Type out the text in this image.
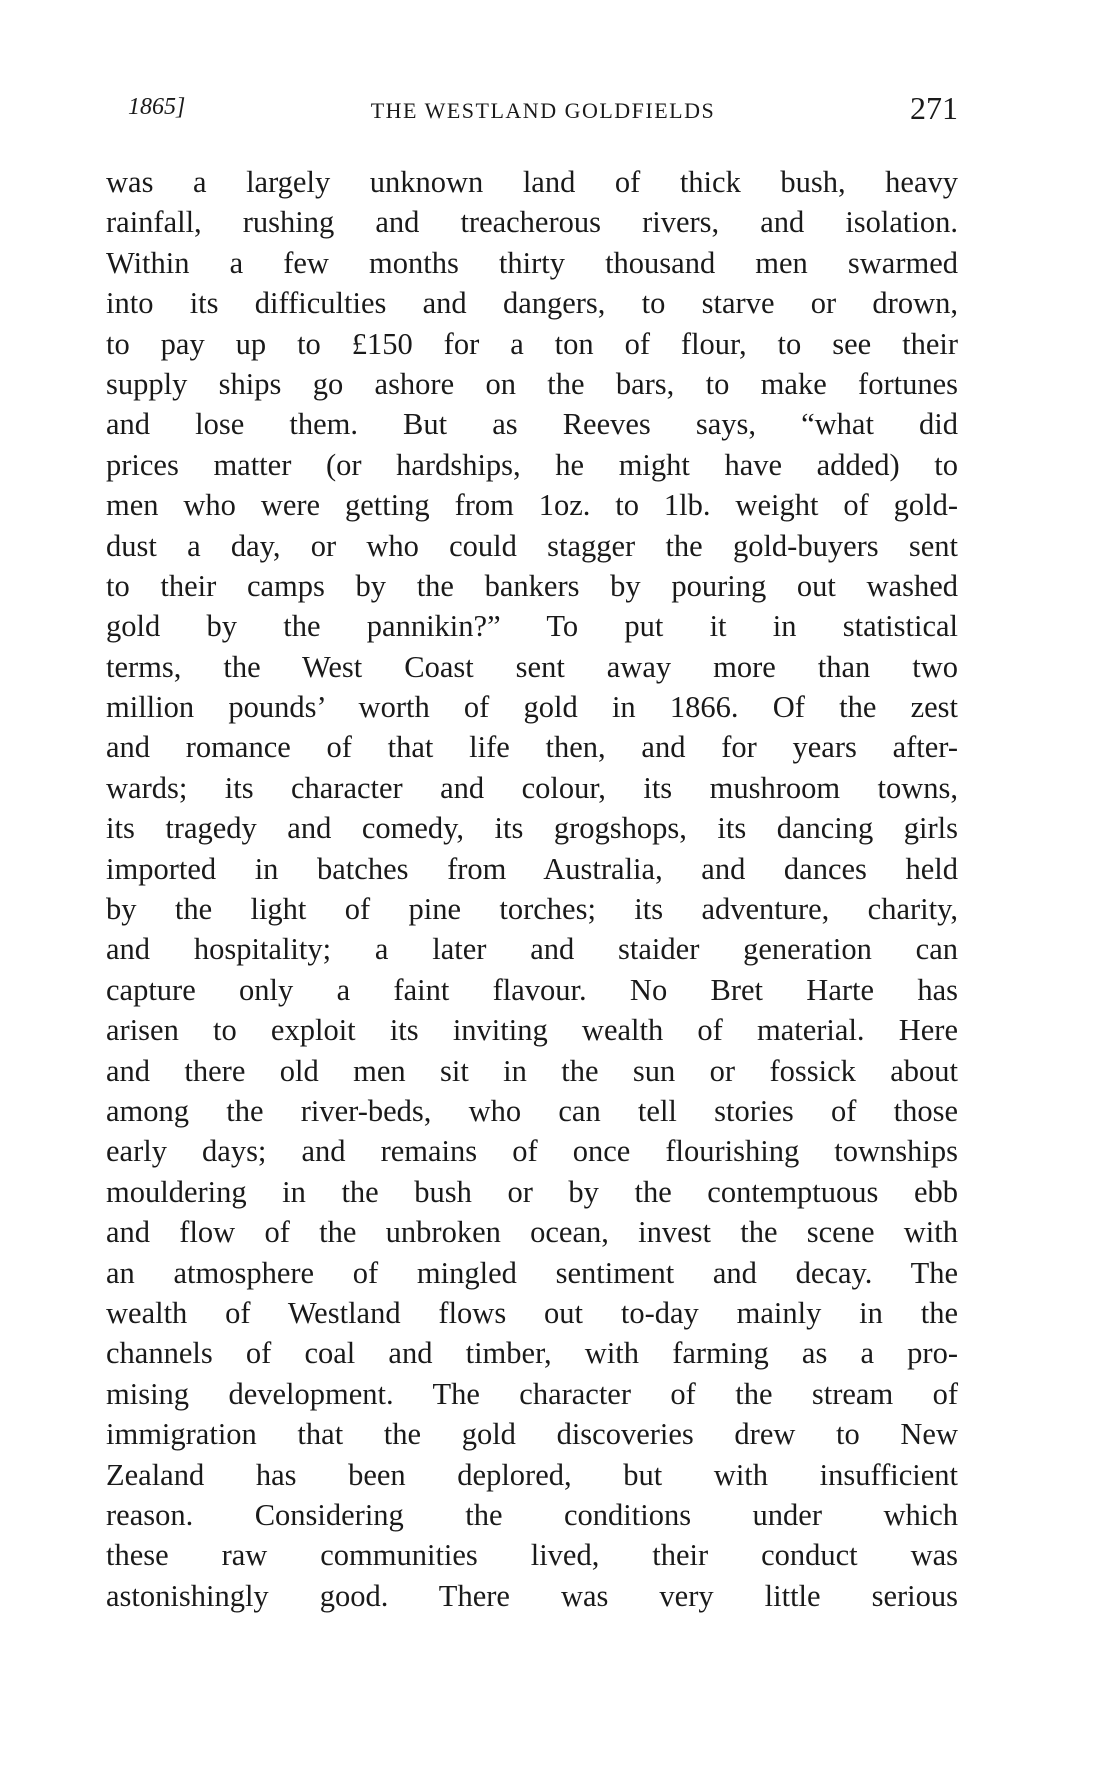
1865]	THE WESTLAND GOLDFIELDS	271
was a largely unknown land of thick bush, heavy
rainfall, rushing and treacherous rivers, and isolation.
Within a few months thirty thousand men swarmed
into its difficulties and dangers, to starve or drown,
to pay up to £150 for a ton of flour, to see their
supply ships go ashore on the bars, to make fortunes
and lose them. But as Reeves says, “what did
prices matter (or hardships, he might have added) to
men who were getting from 1oz. to 1lb. weight of gold-
dust a day, or who could stagger the gold-buyers sent
to their camps by the bankers by pouring out washed
gold by the pannikin?” To put it in statistical
terms, the West Coast sent away more than two
million pounds’ worth of gold in 1866. Of the zest
and romance of that life then, and for years after-
wards; its character and colour, its mushroom towns,
its tragedy and comedy, its grogshops, its dancing girls
imported in batches from Australia, and dances held
by the light of pine torches; its adventure, charity,
and hospitality; a later and staider generation can
capture only a faint flavour. No Bret Harte has
arisen to exploit its inviting wealth of material. Here
and there old men sit in the sun or fossick about
among the river-beds, who can tell stories of those
early days; and remains of once flourishing townships
mouldering in the bush or by the contemptuous ebb
and flow of the unbroken ocean, invest the scene with
an atmosphere of mingled sentiment and decay. The
wealth of Westland flows out to-day mainly in the
channels of coal and timber, with farming as a pro-
mising development. The character of the stream of
immigration that the gold discoveries drew to New
Zealand has been deplored, but with insufficient
reason. Considering the conditions under which
these raw communities lived, their conduct was
astonishingly good. There was very little serious
